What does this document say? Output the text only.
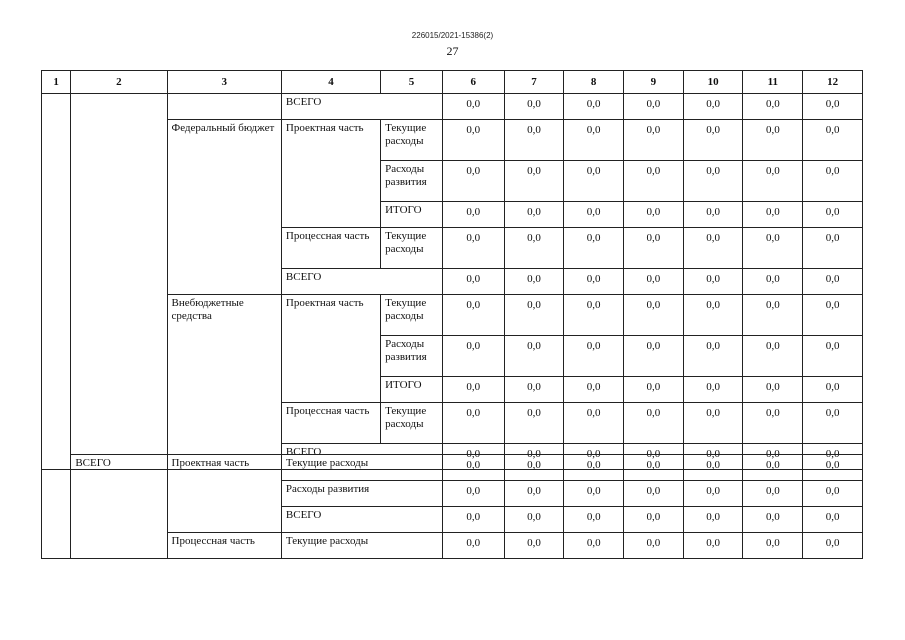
226015/2021-15386(2)
27
1	2	3	4	5	6	7	8	9	10	11	12
			ВСЕГО		0,0	0,0	0,0	0,0	0,0	0,0	0,0
		Федеральный бюджет	Проектная часть	Текущие расходы	0,0	0,0	0,0	0,0	0,0	0,0	0,0
				Расходы развития	0,0	0,0	0,0	0,0	0,0	0,0	0,0
				ИТОГО	0,0	0,0	0,0	0,0	0,0	0,0	0,0
			Процессная часть	Текущие расходы	0,0	0,0	0,0	0,0	0,0	0,0	0,0
			ВСЕГО		0,0	0,0	0,0	0,0	0,0	0,0	0,0
		Внебюджетные средства	Проектная часть	Текущие расходы	0,0	0,0	0,0	0,0	0,0	0,0	0,0
				Расходы развития	0,0	0,0	0,0	0,0	0,0	0,0	0,0
				ИТОГО	0,0	0,0	0,0	0,0	0,0	0,0	0,0
			Процессная часть	Текущие расходы	0,0	0,0	0,0	0,0	0,0	0,0	0,0
			ВСЕГО		0,0	0,0	0,0	0,0	0,0	0,0	0,0
	ВСЕГО	Проектная часть	Текущие расходы	0,0	0,0	0,0	0,0	0,0	0,0	0,0
			Расходы развития	0,0	0,0	0,0	0,0	0,0	0,0	0,0
			ВСЕГО	0,0	0,0	0,0	0,0	0,0	0,0	0,0
		Процессная часть	Текущие расходы	0,0	0,0	0,0	0,0	0,0	0,0	0,0
